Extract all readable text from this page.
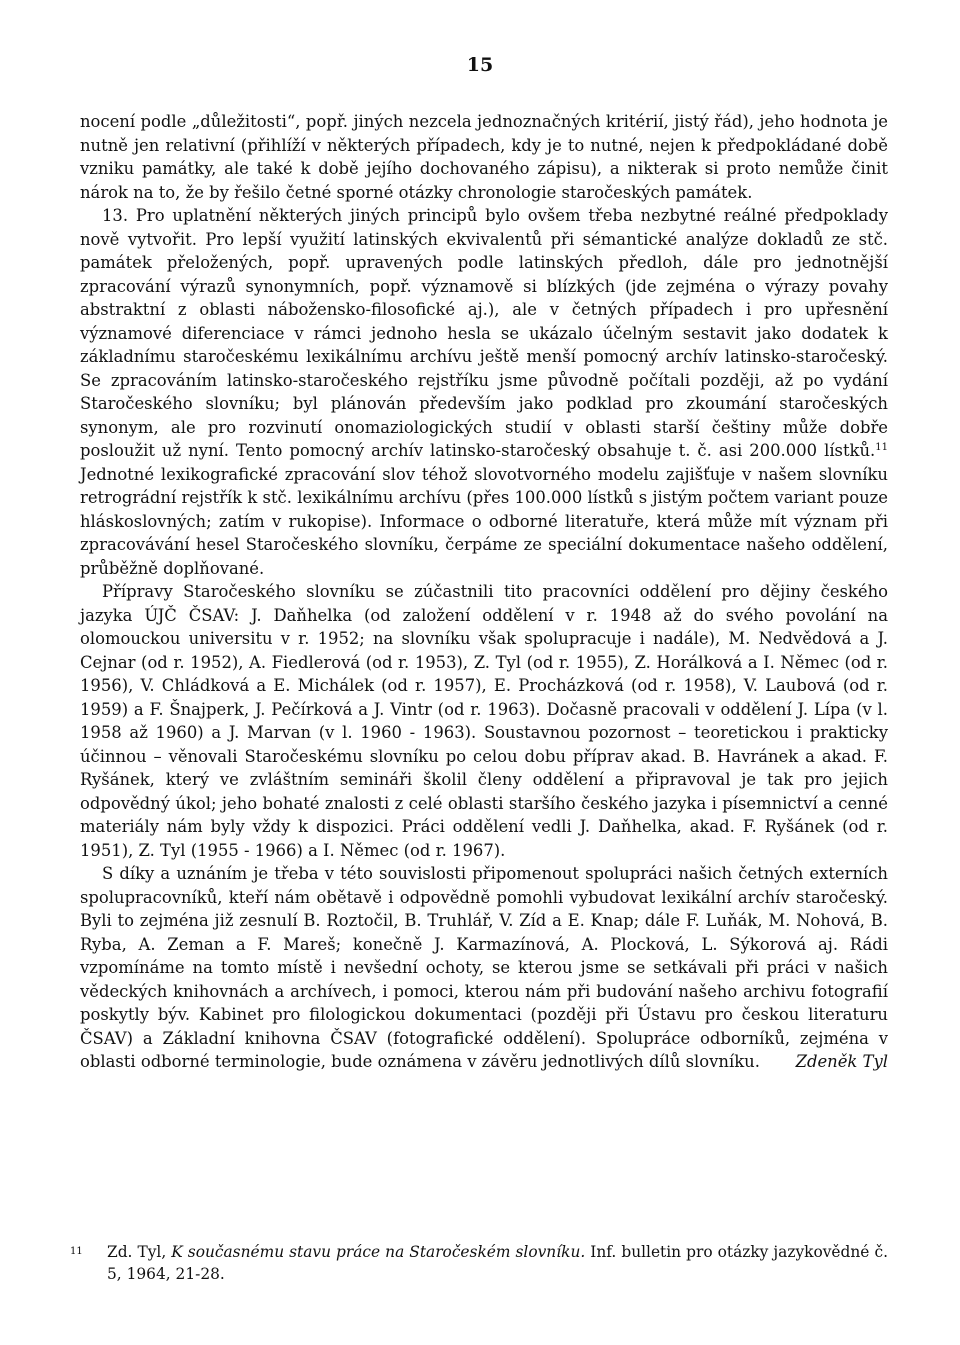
15

nocení podle „důležitosti“, popř. jiných nezcela jednoznačných kritérií, jistý řád), jeho hodnota je nutně jen relativní (přihlíží v některých případech, kdy je to nutné, nejen k předpokládané době vzniku památky, ale také k době jejího dochovaného zápisu), a nikterak si proto nemůže činit nárok na to, že by řešilo četné sporné otázky chronologie staročeských památek.

13. Pro uplatnění některých jiných principů bylo ovšem třeba nezbytné reálné předpoklady nově vytvořit. Pro lepší využití latinských ekvivalentů při sémantické analýze dokladů ze stč. památek přeložených, popř. upravených podle latinských předloh, dále pro jednotnější zpracování výrazů synonymních, popř. významově si blízkých (jde zejména o výrazy povahy abstraktní z oblasti nábožensko-filosofické aj.), ale v četných případech i pro upřesnění významové diferenciace v rámci jednoho hesla se ukázalo účelným sestavit jako dodatek k základnímu staročeskému lexikálnímu archívu ještě menší pomocný archív latinsko-staročeský. Se zpracováním latinsko-staročeského rejstříku jsme původně počítali později, až po vydání Staročeského slovníku; byl plánován především jako podklad pro zkoumání staročeských synonym, ale pro rozvinutí onomaziologických studií v oblasti starší češtiny může dobře posloužit už nyní. Tento pomocný archív latinsko-staročeský obsahuje t. č. asi 200.000 lístků.$^{11}$ Jednotné lexikografické zpracování slov téhož slovotvorného modelu zajišťuje v našem slovníku retrográdní rejstřík k stč. lexikálnímu archívu (přes 100.000 lístků s jistým počtem variant pouze hláskoslovných; zatím v rukopise). Informace o odborné literatuře, která může mít význam při zpracovávání hesel Staročeského slovníku, čerpáme ze speciální dokumentace našeho oddělení, průběžně doplňované.

Přípravy Staročeského slovníku se zúčastnili tito pracovníci oddělení pro dějiny českého jazyka ÚJČ ČSAV: J. Daňhelka (od založení oddělení v r. 1948 až do svého povolání na olomouckou universitu v r. 1952; na slovníku však spolupracuje i nadále), M. Nedvědová a J. Cejnar (od r. 1952), A. Fiedlerová (od r. 1953), Z. Tyl (od r. 1955), Z. Horálková a I. Němec (od r. 1956), V. Chládková a E. Michálek (od r. 1957), E. Procházková (od r. 1958), V. Laubová (od r. 1959) a F. Šnajperk, J. Pečírková a J. Vintr (od r. 1963). Dočasně pracovali v oddělení J. Lípa (v l. 1958 až 1960) a J. Marvan (v l. 1960 - 1963). Soustavnou pozornost – teoretickou i prakticky účinnou – věnovali Staročeskému slovníku po celou dobu příprav akad. B. Havránek a akad. F. Ryšánek, který ve zvláštním semináři školil členy oddělení a připravoval je tak pro jejich odpovědný úkol; jeho bohaté znalosti z celé oblasti staršího českého jazyka i písemnictví a cenné materiály nám byly vždy k dispozici. Práci oddělení vedli J. Daňhelka, akad. F. Ryšánek (od r. 1951), Z. Tyl (1955 - 1966) a I. Němec (od r. 1967).

S díky a uznáním je třeba v této souvislosti připomenout spolupráci našich četných externích spolupracovníků, kteří nám obětavě i odpovědně pomohli vybudovat lexikální archív staročeský. Byli to zejména již zesnulí B. Roztočil, B. Truhlář, V. Zíd a E. Knap; dále F. Luňák, M. Nohová, B. Ryba, A. Zeman a F. Mareš; konečně J. Karmazínová, A. Plocková, L. Sýkorová aj. Rádi vzpomínáme na tomto místě i nevšední ochoty, se kterou jsme se setkávali při práci v našich vědeckých knihovnách a archívech, i pomoci, kterou nám při budování našeho archivu fotografií poskytly býv. Kabinet pro filologickou dokumentaci (později při Ústavu pro českou literaturu ČSAV) a Základní knihovna ČSAV (fotografické oddělení). Spolupráce odborníků, zejména v oblasti odborné terminologie, bude oznámena v závěru jednotlivých dílů slovníku.	Zdeněk Tyl
11 Zd. Tyl, K současnému stavu práce na Staročeském slovníku. Inf. bulletin pro otázky jazykovědné č. 5, 1964, 21-28.
